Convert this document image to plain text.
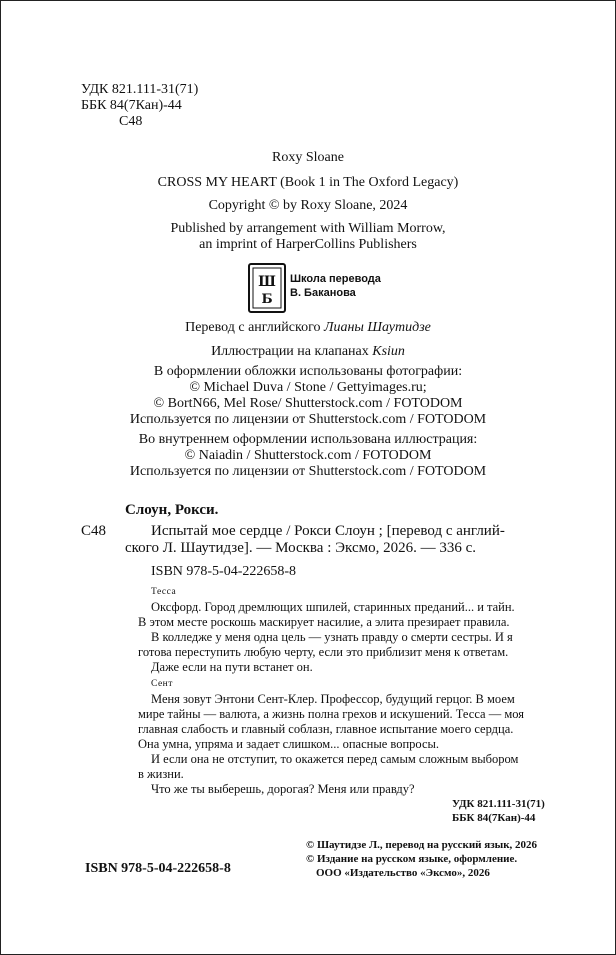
УДК 821.111-31(71)
ББК 84(7Кан)-44
С48
Roxy Sloane
CROSS MY HEART (Book 1 in The Oxford Legacy)
Copyright © by Roxy Sloane, 2024
Published by arrangement with William Morrow,
an imprint of HarperCollins Publishers
Ш
Б
Школа перевода
В. Баканова
Перевод с английского Лианы Шаутидзе
Иллюстрации на клапанах Ksiun
В оформлении обложки использованы фотографии:
© Michael Duva / Stone / Gettyimages.ru;
© BortN66, Mel Rose/ Shutterstock.com / FOTODOM
Используется по лицензии от Shutterstock.com / FOTODOM
Во внутреннем оформлении использована иллюстрация:
© Naiadin / Shutterstock.com / FOTODOM
Используется по лицензии от Shutterstock.com / FOTODOM
Слоун, Рокси.
С48	Испытай мое сердце / Рокси Слоун ; [перевод с англий-
ского Л. Шаутидзе]. — Москва : Эксмо, 2026. — 336 с.
ISBN 978-5-04-222658-8
Тесса
Оксфорд. Город дремлющих шпилей, старинных преданий... и тайн.
В этом месте роскошь маскирует насилие, а элита презирает правила.
В колледже у меня одна цель — узнать правду о смерти сестры. И я
готова переступить любую черту, если это приблизит меня к ответам.
Даже если на пути встанет он.
Сент
Меня зовут Энтони Сент-Клер. Профессор, будущий герцог. В моем
мире тайны — валюта, а жизнь полна грехов и искушений. Тесса — моя
главная слабость и главный соблазн, главное испытание моего сердца.
Она умна, упряма и задает слишком... опасные вопросы.
И если она не отступит, то окажется перед самым сложным выбором
в жизни.
Что же ты выберешь, дорогая? Меня или правду?
УДК 821.111-31(71)
ББК 84(7Кан)-44
© Шаутидзе Л., перевод на русский язык, 2026
© Издание на русском языке, оформление.
ООО «Издательство «Эксмо», 2026
ISBN 978-5-04-222658-8
